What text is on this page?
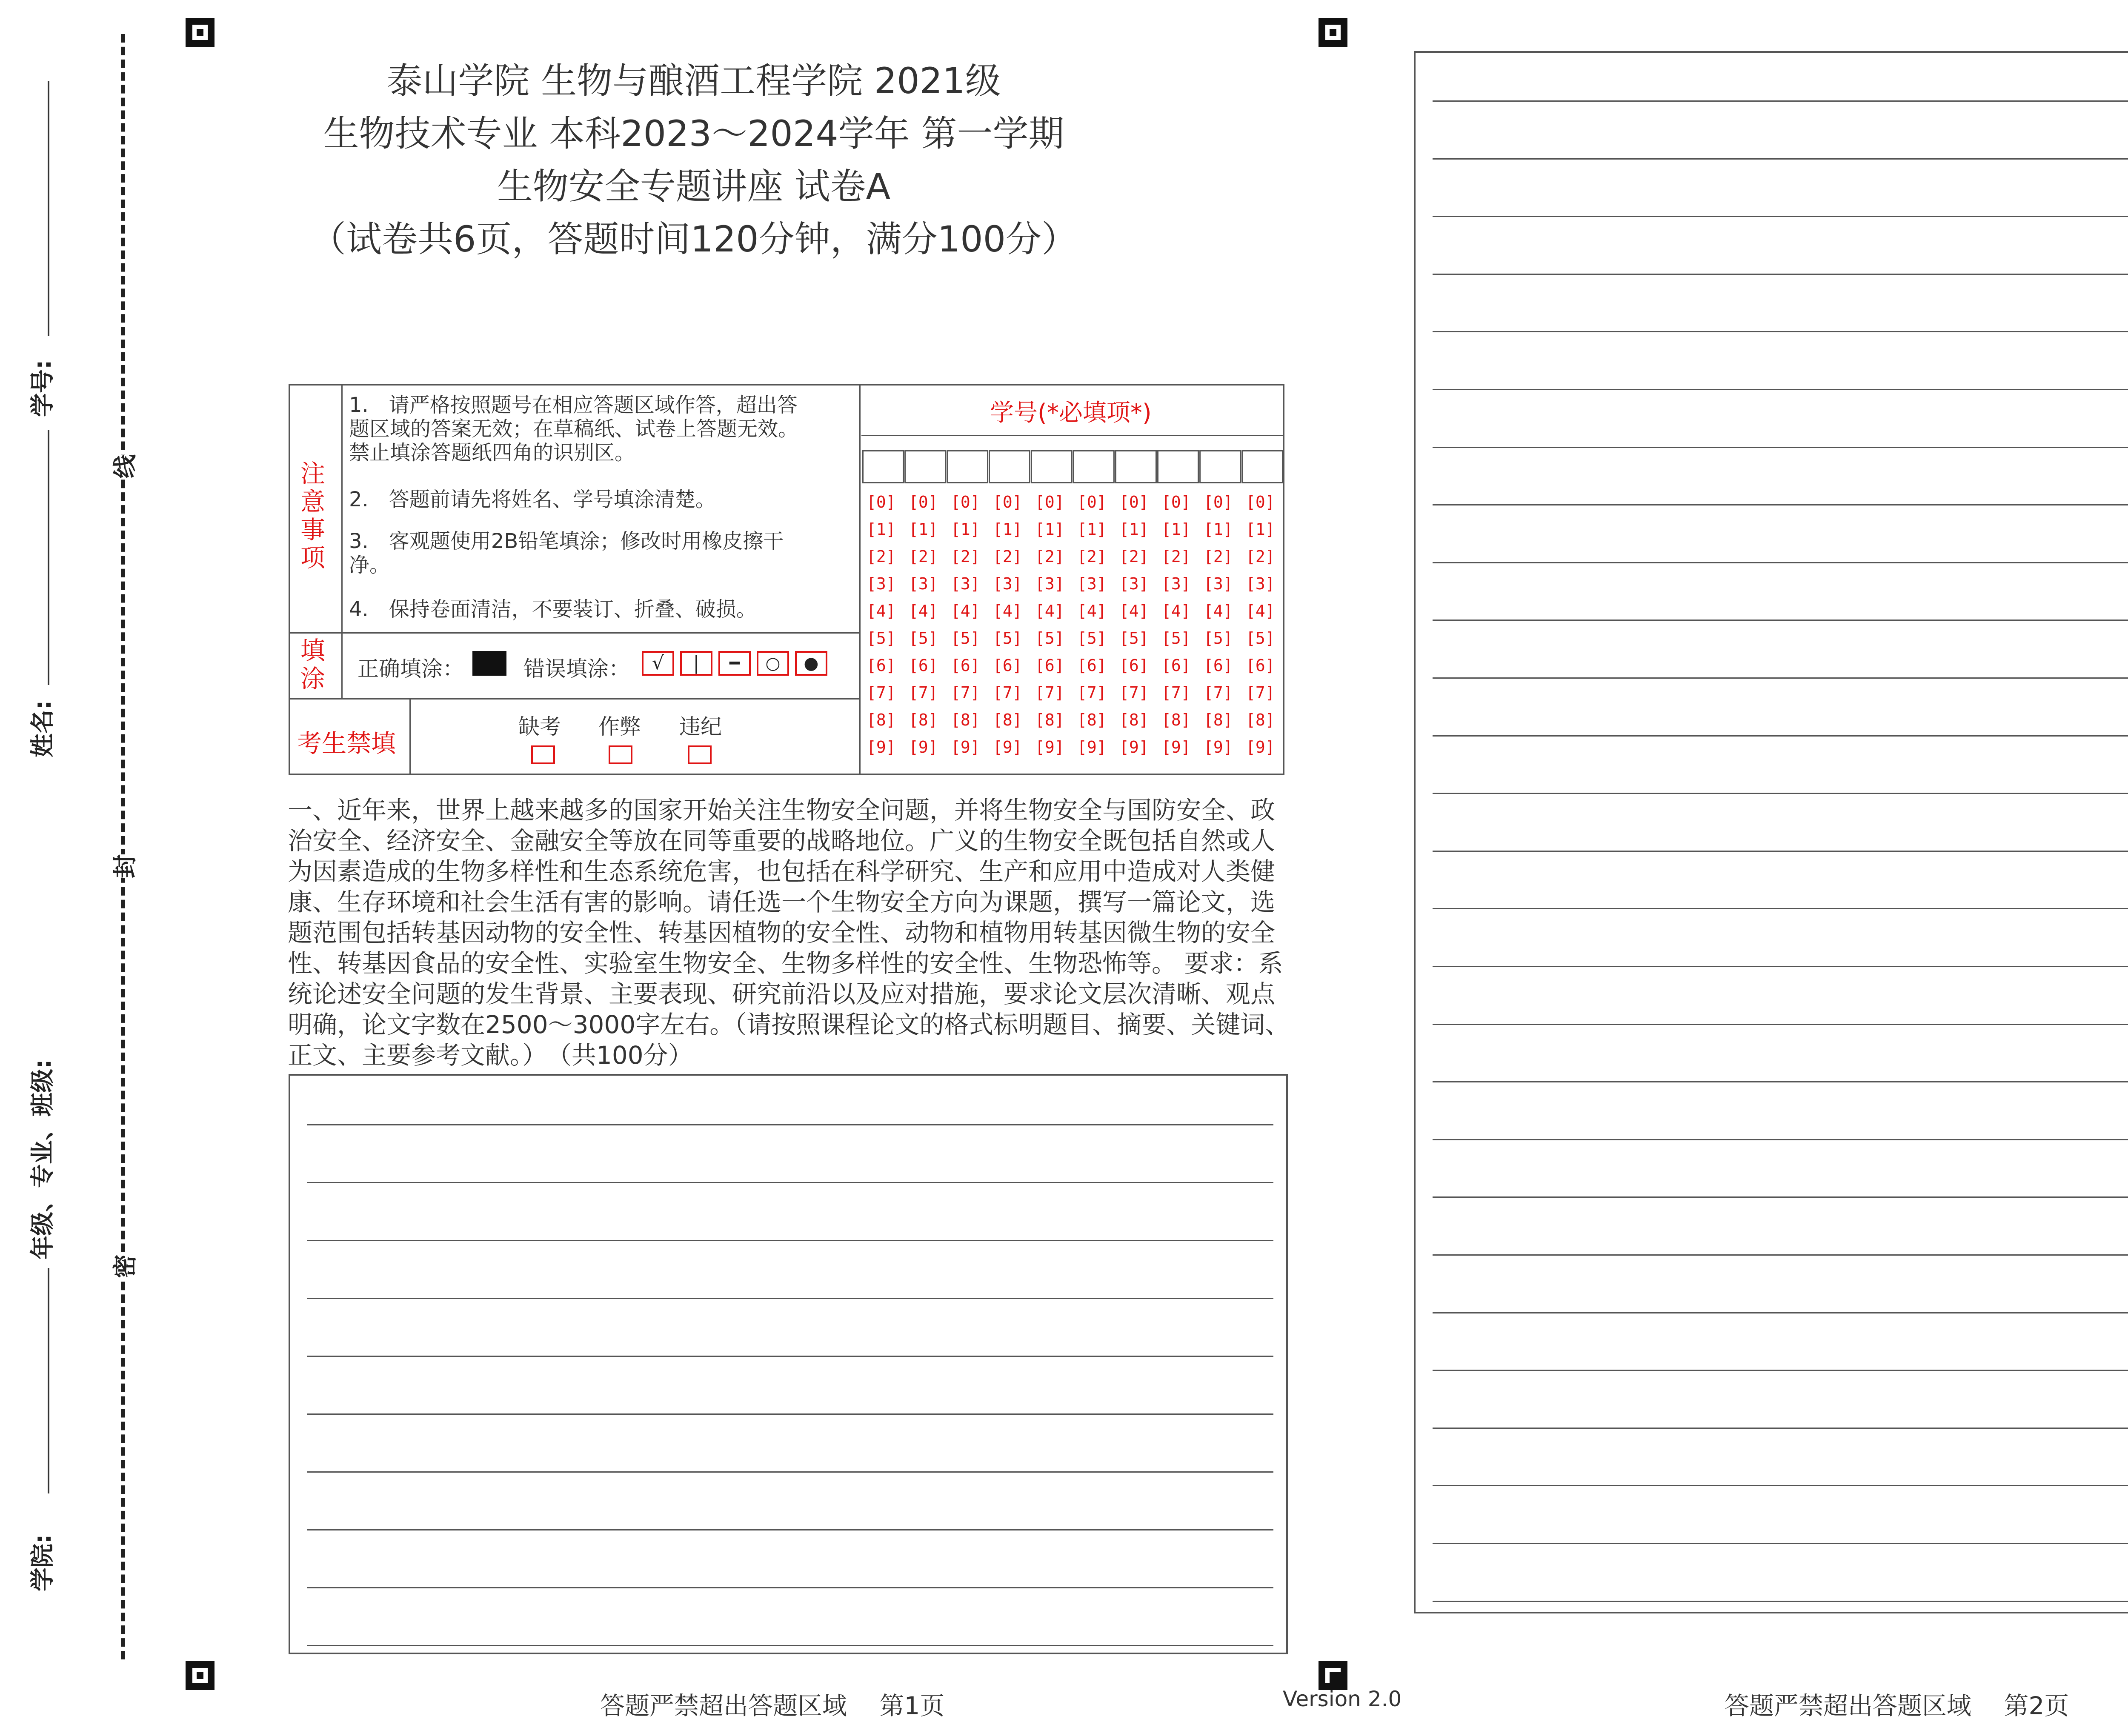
学号:
姓名:
年级、专业、班级:
学院:
线
封
密
泰山学院 生物与酿酒工程学院 2021级
生物技术专业 本科2023～2024学年 第一学期
生物安全专题讲座 试卷A
（试卷共6页，答题时间120分钟，满分100分）
注
意
事
项
1.　请严格按照题号在相应答题区域作答，超出答题区域的答案无效；在草稿纸、试卷上答题无效。禁止填涂答题纸四角的识别区。
2.　答题前请先将姓名、学号填涂清楚。
3.　客观题使用2B铅笔填涂；修改时用橡皮擦干净。
4.　保持卷面清洁，不要装订、折叠、破损。
填
涂 正确填涂：	错误填涂：	√	|	━	○	●
考生禁填
缺考 作弊 违纪
学号(*必填项*)
[0] [0] [0] [0] [0] [0] [0] [0] [0] [0]
[1] [1] [1] [1] [1] [1] [1] [1] [1] [1]
[2] [2] [2] [2] [2] [2] [2] [2] [2] [2]
[3] [3] [3] [3] [3] [3] [3] [3] [3] [3]
[4] [4] [4] [4] [4] [4] [4] [4] [4] [4]
[5] [5] [5] [5] [5] [5] [5] [5] [5] [5]
[6] [6] [6] [6] [6] [6] [6] [6] [6] [6]
[7] [7] [7] [7] [7] [7] [7] [7] [7] [7]
[8] [8] [8] [8] [8] [8] [8] [8] [8] [8]
[9] [9] [9] [9] [9] [9] [9] [9] [9] [9]
一、近年来，世界上越来越多的国家开始关注生物安全问题，并将生物安全与国防安全、政治安全、经济安全、金融安全等放在同等重要的战略地位。广义的生物安全既包括自然或人为因素造成的生物多样性和生态系统危害，也包括在科学研究、生产和应用中造成对人类健康、生存环境和社会生活有害的影响。请任选一个生物安全方向为课题，撰写一篇论文，选题范围包括转基因动物的安全性、转基因植物的安全性、动物和植物用转基因微生物的安全性、转基因食品的安全性、实验室生物安全、生物多样性的安全性、生物恐怖等。 要求：系统论述安全问题的发生背景、主要表现、研究前沿以及应对措施，要求论文层次清晰、观点明确，论文字数在2500～3000字左右。（请按照课程论文的格式标明题目、摘要、关键词、正文、主要参考文献。）　（共100分）
答题严禁超出答题区域　 第1页	Version 2.0	答题严禁超出答题区域　 第2页
